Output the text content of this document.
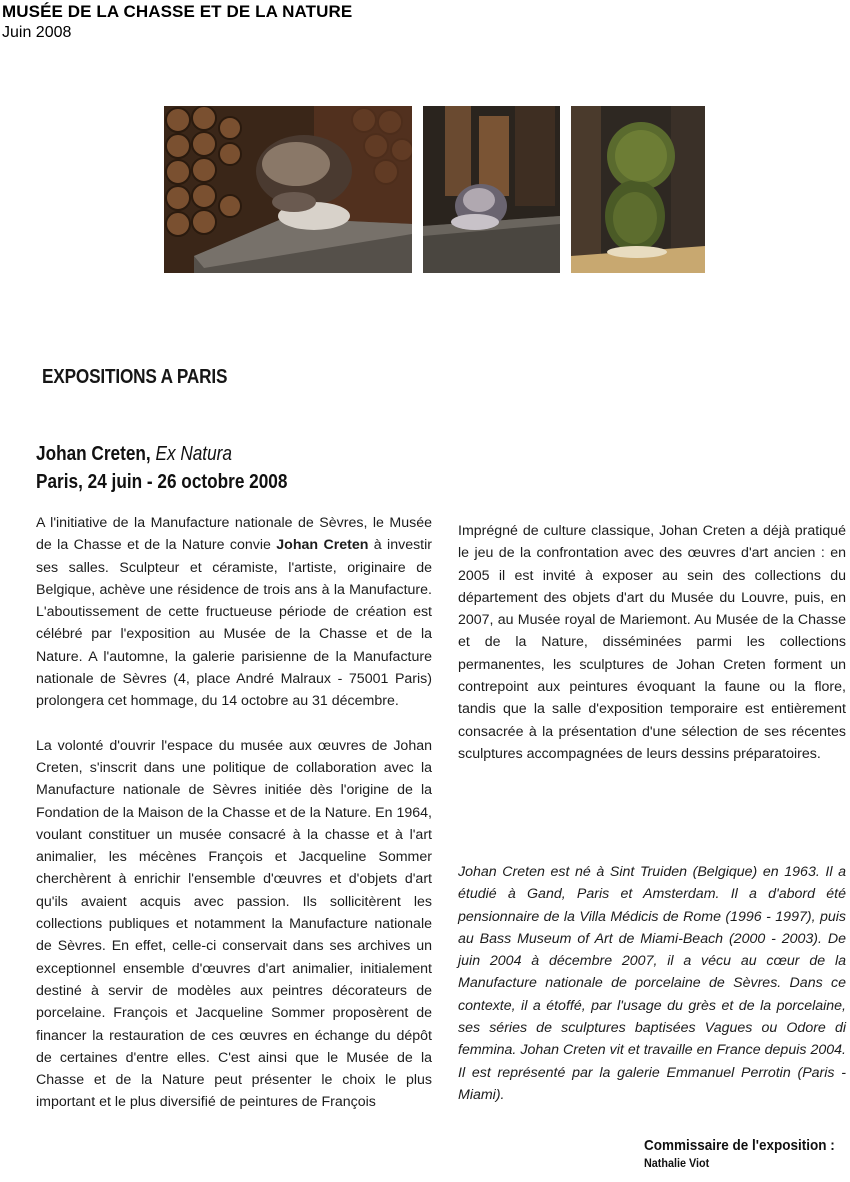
MUSÉE DE LA CHASSE ET DE LA NATURE
Juin 2008
EXPOSITIONS A PARIS
Johan Creten, Ex Natura
Paris, 24 juin - 26 octobre 2008

A l'initiative de la Manufacture nationale de Sèvres, le Musée de la Chasse et de la Nature convie Johan Creten à investir ses salles. Sculpteur et céramiste, l'artiste, originaire de Belgique, achève une résidence de trois ans à la Manufacture. L'aboutissement de cette fructueuse période de création est célébré par l'exposition au Musée de la Chasse et de la Nature. A l'automne, la galerie parisienne de la Manufacture nationale de Sèvres (4, place André Malraux - 75001 Paris) prolongera cet hommage, du 14 octobre au 31 décembre.

La volonté d'ouvrir l'espace du musée aux œuvres de Johan Creten, s'inscrit dans une politique de collaboration avec la Manufacture nationale de Sèvres initiée dès l'origine de la Fondation de la Maison de la Chasse et de la Nature. En 1964, voulant constituer un musée consacré à la chasse et à l'art animalier, les mécènes François et Jacqueline Sommer cherchèrent à enrichir l'ensemble d'œuvres et d'objets d'art qu'ils avaient acquis avec passion. Ils sollicitèrent les collections publiques et notamment la Manufacture nationale de Sèvres. En effet, celle-ci conservait dans ses archives un exceptionnel ensemble d'œuvres d'art animalier, initialement destiné à servir de modèles aux peintres décorateurs de porcelaine. François et Jacqueline Sommer proposèrent de financer la restauration de ces œuvres en échange du dépôt de certaines d'entre elles. C'est ainsi que le Musée de la Chasse et de la Nature peut présenter le choix le plus important et le plus diversifié de peintures de François

Imprégné de culture classique, Johan Creten a déjà pratiqué le jeu de la confrontation avec des œuvres d'art ancien : en 2005 il est invité à exposer au sein des collections du département des objets d'art du Musée du Louvre, puis, en 2007, au Musée royal de Mariemont. Au Musée de la Chasse et de la Nature, disséminées parmi les collections permanentes, les sculptures de Johan Creten forment un contrepoint aux peintures évoquant la faune ou la flore, tandis que la salle d'exposition temporaire est entièrement consacrée à la présentation d'une sélection de ses récentes sculptures accompagnées de leurs dessins préparatoires.

Johan Creten est né à Sint Truiden (Belgique) en 1963. Il a étudié à Gand, Paris et Amsterdam. Il a d'abord été pensionnaire de la Villa Médicis de Rome (1996 - 1997), puis au Bass Museum of Art de Miami-Beach (2000 - 2003). De juin 2004 à décembre 2007, il a vécu au cœur de la Manufacture nationale de porcelaine de Sèvres. Dans ce contexte, il a étoffé, par l'usage du grès et de la porcelaine, ses séries de sculptures baptisées Vagues ou Odore di femmina. Johan Creten vit et travaille en France depuis 2004. Il est représenté par la galerie Emmanuel Perrotin (Paris - Miami).

Commissaire de l'exposition :
Nathalie Viot
